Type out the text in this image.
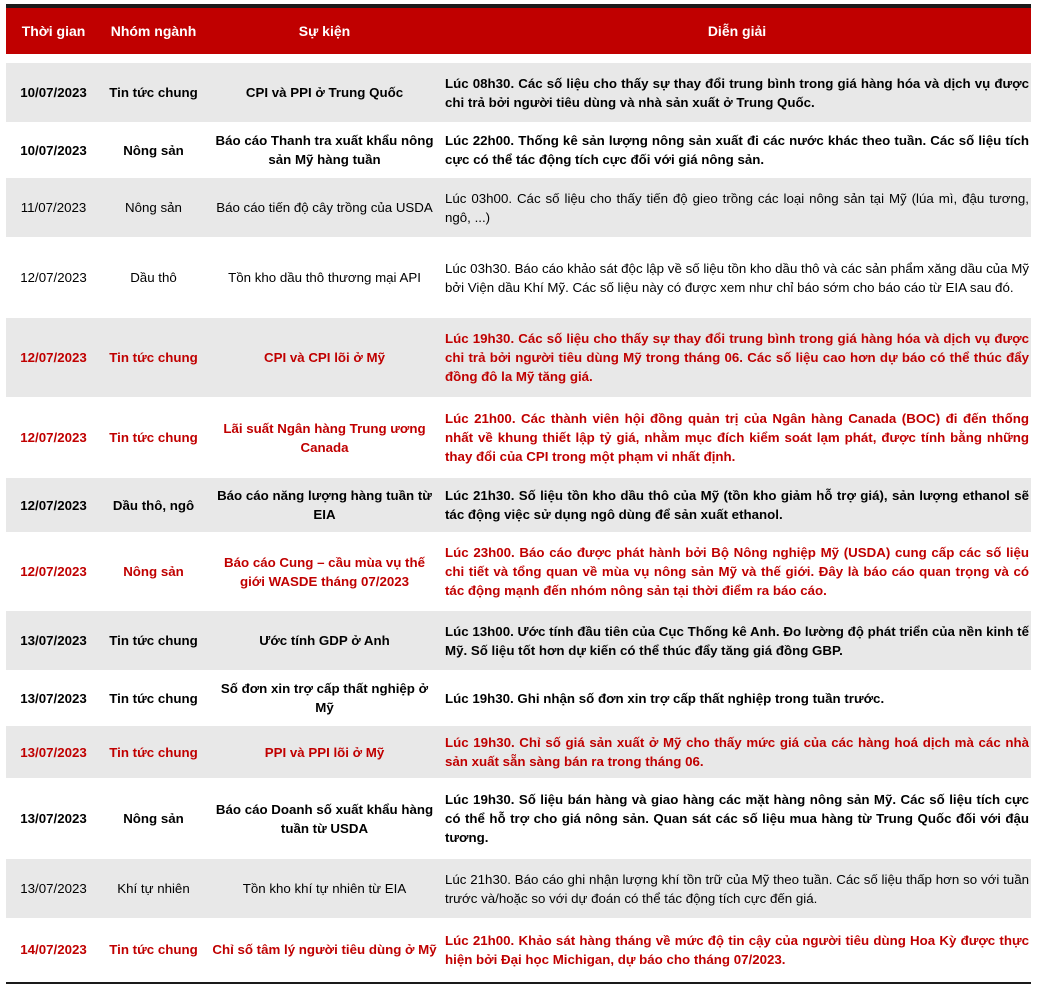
Thời gian	Nhóm ngành	Sự kiện	Diễn giải

10/07/2023	Tin tức chung	CPI và PPI ở Trung Quốc	Lúc 08h30. Các số liệu cho thấy sự thay đổi trung bình trong giá hàng hóa và dịch vụ được chi trả bởi người tiêu dùng và nhà sản xuất ở Trung Quốc.
10/07/2023	Nông sản	Báo cáo Thanh tra xuất khẩu nông sản Mỹ hàng tuần	Lúc 22h00. Thống kê sản lượng nông sản xuất đi các nước khác theo tuần. Các số liệu tích cực có thể tác động tích cực đối với giá nông sản.
11/07/2023	Nông sản	Báo cáo tiến độ cây trồng của USDA	Lúc 03h00. Các số liệu cho thấy tiến độ gieo trồng các loại nông sản tại Mỹ (lúa mì, đậu tương, ngô, ...)
12/07/2023	Dầu thô	Tồn kho dầu thô thương mại API	Lúc 03h30. Báo cáo khảo sát độc lập về số liệu tồn kho dầu thô và các sản phẩm xăng dầu của Mỹ bởi Viện dầu Khí Mỹ. Các số liệu này có được xem như chỉ báo sớm cho báo cáo từ EIA sau đó.
12/07/2023	Tin tức chung	CPI và CPI lõi ở Mỹ	Lúc 19h30. Các số liệu cho thấy sự thay đổi trung bình trong giá hàng hóa và dịch vụ được chi trả bởi người tiêu dùng Mỹ trong tháng 06. Các số liệu cao hơn dự báo có thể thúc đẩy đồng đô la Mỹ tăng giá.
12/07/2023	Tin tức chung	Lãi suất Ngân hàng Trung ương Canada	Lúc 21h00. Các thành viên hội đồng quản trị của Ngân hàng Canada (BOC) đi đến thống nhất về khung thiết lập tỷ giá, nhằm mục đích kiểm soát lạm phát, được tính bằng những thay đổi của CPI trong một phạm vi nhất định.
12/07/2023	Dầu thô, ngô	Báo cáo năng lượng hàng tuần từ EIA	Lúc 21h30. Số liệu tồn kho dầu thô của Mỹ (tồn kho giảm hỗ trợ giá), sản lượng ethanol sẽ tác động việc sử dụng ngô dùng để sản xuất ethanol.
12/07/2023	Nông sản	Báo cáo Cung – cầu mùa vụ thế giới WASDE tháng 07/2023	Lúc 23h00. Báo cáo được phát hành bởi Bộ Nông nghiệp Mỹ (USDA) cung cấp các số liệu chi tiết và tổng quan về mùa vụ nông sản Mỹ và thế giới. Đây là báo cáo quan trọng và có tác động mạnh đến nhóm nông sản tại thời điểm ra báo cáo.
13/07/2023	Tin tức chung	Ước tính GDP ở Anh	Lúc 13h00. Ước tính đầu tiên của Cục Thống kê Anh. Đo lường độ phát triển của nền kinh tế Mỹ. Số liệu tốt hơn dự kiến có thể thúc đẩy tăng giá đồng GBP.
13/07/2023	Tin tức chung	Số đơn xin trợ cấp thất nghiệp ở Mỹ	Lúc 19h30. Ghi nhận số đơn xin trợ cấp thất nghiệp trong tuần trước.
13/07/2023	Tin tức chung	PPI và PPI lõi ở Mỹ	Lúc 19h30. Chỉ số giá sản xuất ở Mỹ cho thấy mức giá của các hàng hoá dịch mà các nhà sản xuất sẵn sàng bán ra trong tháng 06.
13/07/2023	Nông sản	Báo cáo Doanh số xuất khẩu hàng tuần từ USDA	Lúc 19h30. Số liệu bán hàng và giao hàng các mặt hàng nông sản Mỹ. Các số liệu tích cực có thể hỗ trợ cho giá nông sản. Quan sát các số liệu mua hàng từ Trung Quốc đối với đậu tương.
13/07/2023	Khí tự nhiên	Tồn kho khí tự nhiên từ EIA	Lúc 21h30. Báo cáo ghi nhận lượng khí tồn trữ của Mỹ theo tuần. Các số liệu thấp hơn so với tuần trước và/hoặc so với dự đoán có thể tác động tích cực đến giá.
14/07/2023	Tin tức chung	Chỉ số tâm lý người tiêu dùng ở Mỹ	Lúc 21h00. Khảo sát hàng tháng về mức độ tin cậy của người tiêu dùng Hoa Kỳ được thực hiện bởi Đại học Michigan, dự báo cho tháng 07/2023.
